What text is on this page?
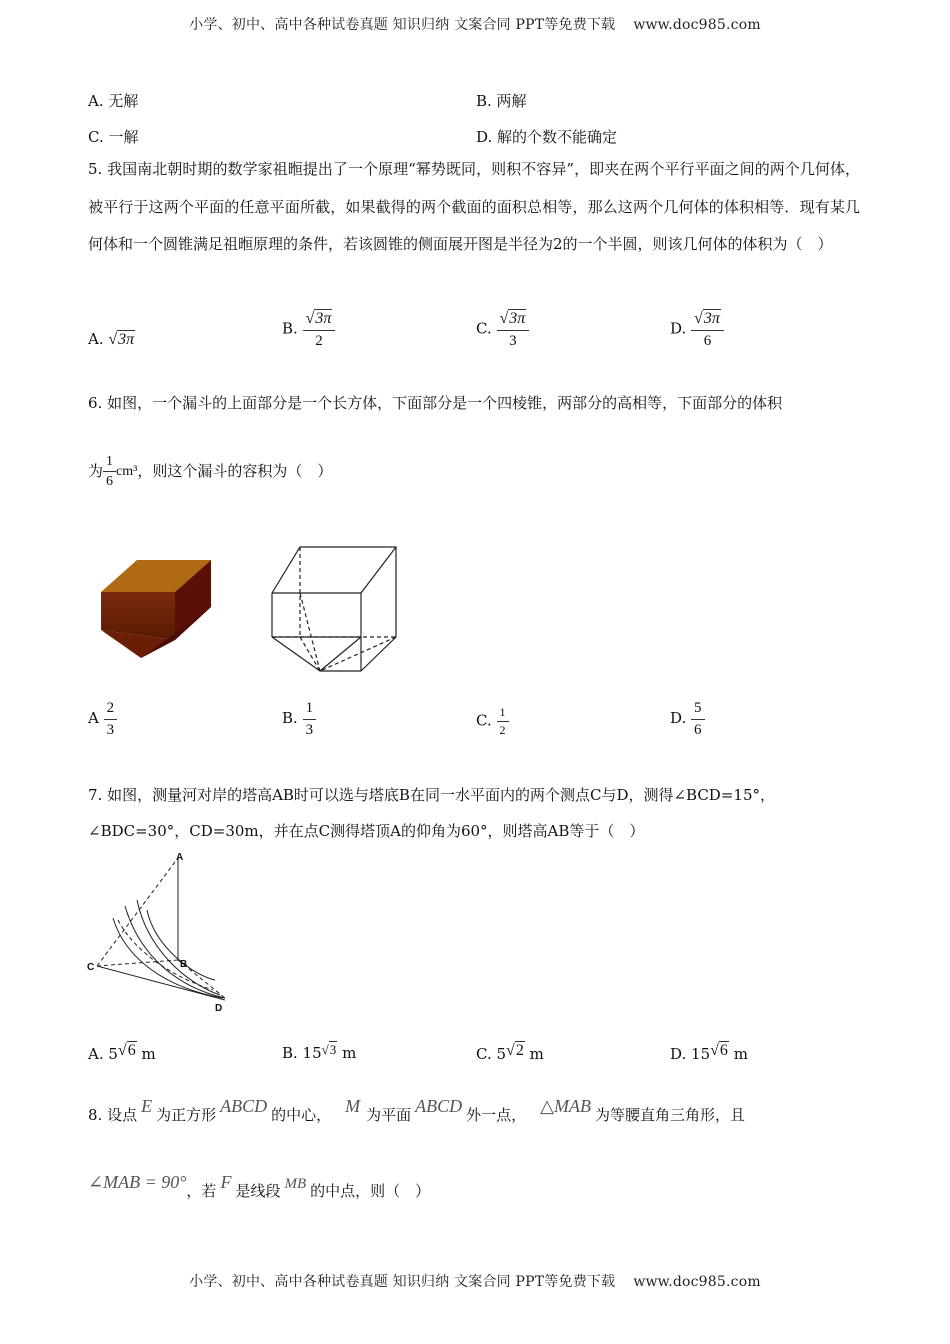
小学、初中、高中各种试卷真题 知识归纳 文案合同 PPT等免费下载 www.doc985.com
A. 无解	B. 两解
C. 一解	D. 解的个数不能确定
5. 我国南北朝时期的数学家祖暅提出了一个原理“幂势既同，则积不容异”，即夹在两个平行平面之间的两个几何体，被平行于这两个平面的任意平面所截，如果截得的两个截面的面积总相等，那么这两个几何体的体积相等．现有某几何体和一个圆锥满足祖暅原理的条件，若该圆锥的侧面展开图是半径为2的一个半圆，则该几何体的体积为（　）
A. √3π
B. $\frac{√3\pi}{2}$	C. $\frac{√3\pi}{3}$	D. $\frac{√3\pi}{6}$
6. 如图，一个漏斗的上面部分是一个长方体，下面部分是一个四棱锥，两部分的高相等，下面部分的体积
为 $\frac{1}{6} cm^3$，则这个漏斗的容积为（　）
A $\frac{2}{3}$	B. $\frac{1}{3}$	C. $\frac{1}{2}$	D. $\frac{5}{6}$
7. 如图，测量河对岸的塔高AB时可以选与塔底B在同一水平面内的两个测点C与D，测得∠BCD=15°，
∠BDC=30°，CD=30m，并在点C测得塔顶A的仰角为60°，则塔高AB等于（　）
A
B
C
D
A. 5√6 m	B. 15√3 m	C. 5√2 m	D. 15√6 m
8. 设点 E 为正方形 ABCD 的中心， M 为平面 ABCD 外一点， △MAB 为等腰直角三角形，且
∠MAB = 90°，若 F 是线段 MB 的中点，则（　）
小学、初中、高中各种试卷真题 知识归纳 文案合同 PPT等免费下载 www.doc985.com
